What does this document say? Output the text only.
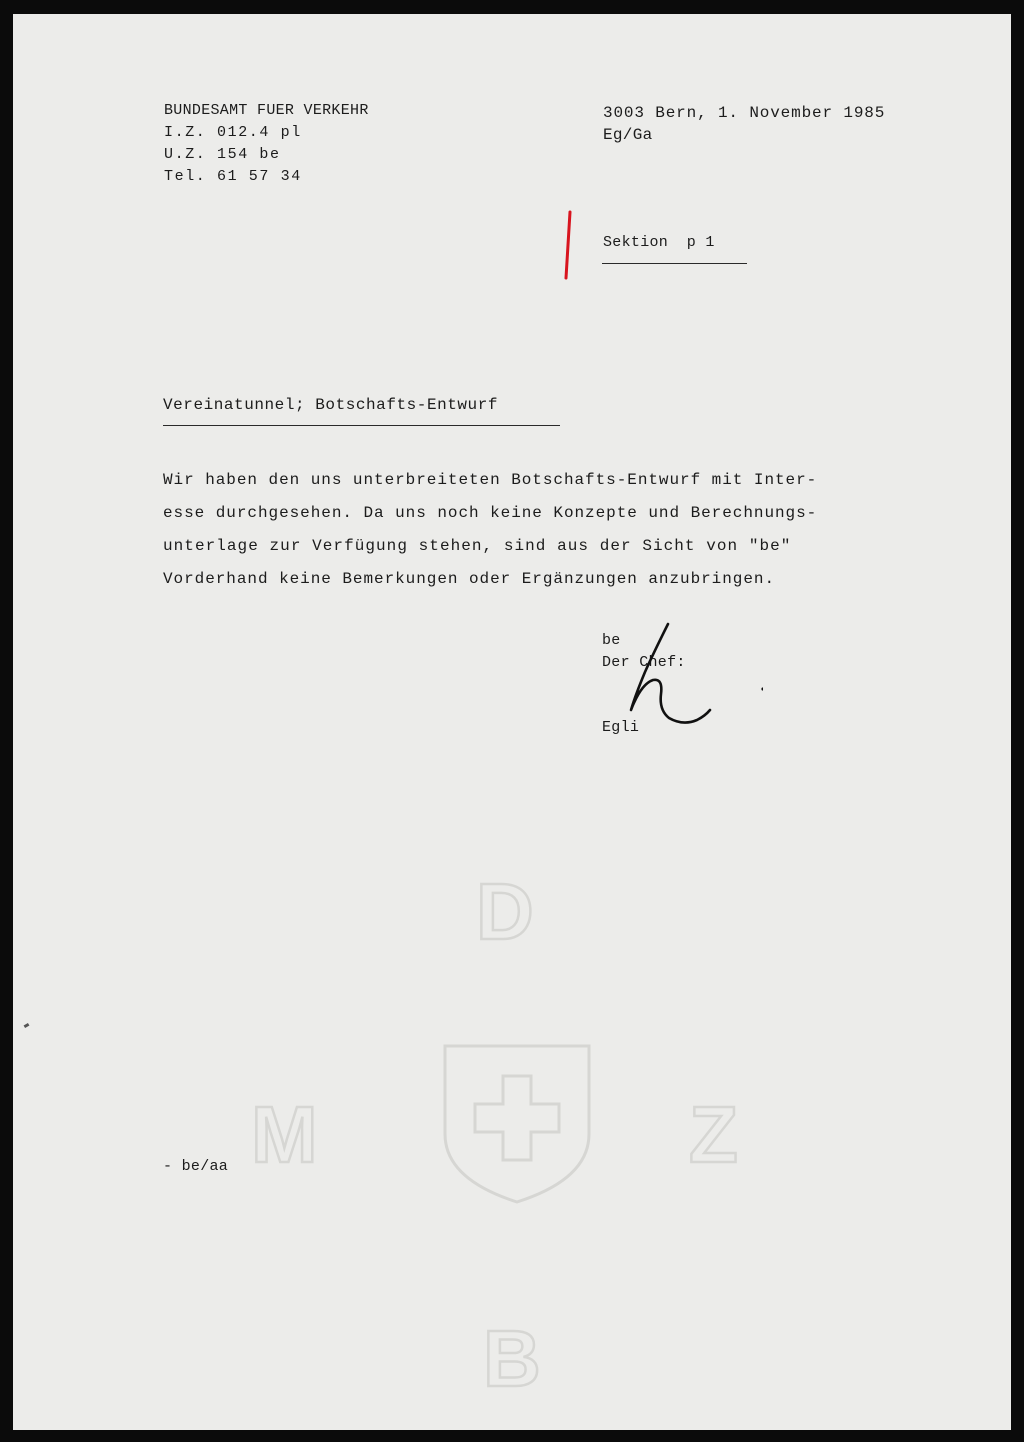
D
M	Z
B
BUNDESAMT FUER VERKEHR
I.Z. 012.4 pl
U.Z. 154 be
Tel. 61 57 34
3003 Bern, 1. November 1985
Eg/Ga
Sektion  p 1
Vereinatunnel; Botschafts-Entwurf
Wir haben den uns unterbreiteten Botschafts-Entwurf mit Inter-
esse durchgesehen. Da uns noch keine Konzepte und Berechnungs-
unterlage zur Verfügung stehen, sind aus der Sicht von "be"
Vorderhand keine Bemerkungen oder Ergänzungen anzubringen.
be
Der Chef:
Egli
- be/aa
